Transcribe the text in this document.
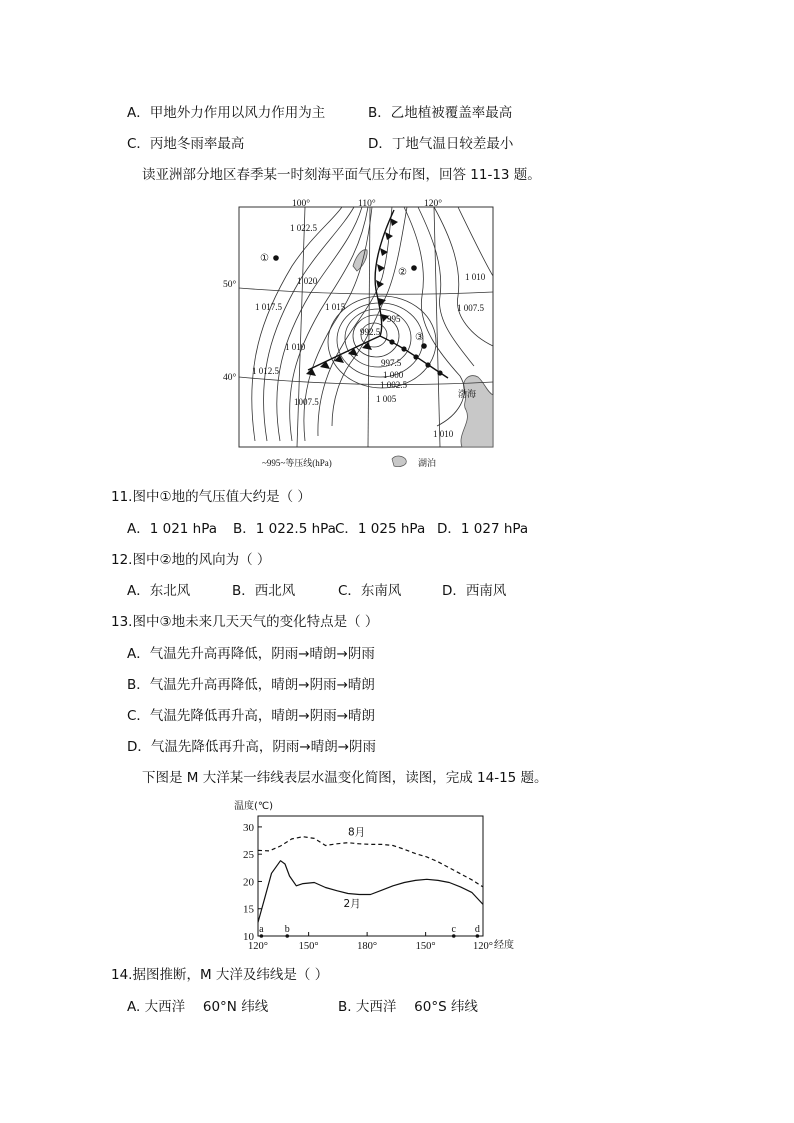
A．甲地外力作用以风力作用为主	B．乙地植被覆盖率最高
C．丙地冬雨率最高	D．丁地气温日较差最小
读亚洲部分地区春季某一时刻海平面气压分布图，回答 11-13 题。
①
②
③
100°	110°	120°
50°
40°
1 022.5
1 020
1 017.5	1 015
1 010
1 012.5
1007.5	1 005
1 002.5
1 000
997.5
995
992.5
1 010
1 007.5
1 010
渤海
~995~等压线(hPa)	湖泊
11.图中①地的气压值大约是（ ）
A．1 021 hPa B．1 022.5 hPa C．1 025 hPa D．1 027 hPa
12.图中②地的风向为（ ）
A．东北风	B．西北风	C．东南风	D．西南风
13.图中③地未来几天天气的变化特点是（ ）
A．气温先升高再降低，阴雨→晴朗→阴雨
B．气温先升高再降低，晴朗→阴雨→晴朗
C．气温先降低再升高，晴朗→阴雨→晴朗
D．气温先降低再升高，阴雨→晴朗→阴雨
下图是 M 大洋某一纬线表层水温变化简图，读图，完成 14-15 题。
温度(℃)
经度
10
15
20
25
30
120°	150°	180°	150°	120°
8月
2月
a b	c d
14.据图推断，M 大洋及纬线是（ ）
A. 大西洋　 60°N 纬线	B. 大西洋　 60°S 纬线
